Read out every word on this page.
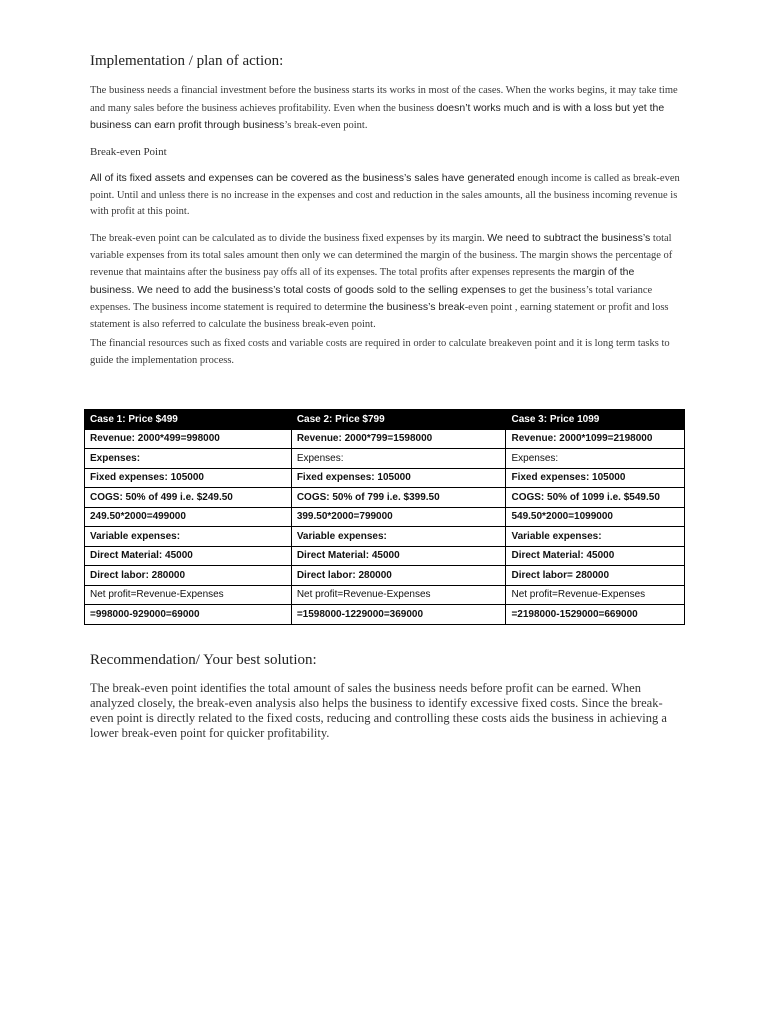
Implementation / plan of action:

The business needs a financial investment before the business starts its works in most of the cases. When the works begins, it may take time and many sales before the business achieves profitability. Even when the business doesn’t works much and is with a loss but yet the business can earn profit through business’s break-even point.

Break-even Point

All of its fixed assets and expenses can be covered as the business’s sales have generated enough income is called as break-even point. Until and unless there is no increase in the expenses and cost and reduction in the sales amounts, all the business incoming revenue is with profit at this point.

The break-even point can be calculated as to divide the business fixed expenses by its margin. We need to subtract the business’s total variable expenses from its total sales amount then only we can determined the margin of the business. The margin shows the percentage of revenue that maintains after the business pay offs all of its expenses. The total profits after expenses represents the margin of the business. We need to add the business’s total costs of goods sold to the selling expenses to get the business’s total variance expenses. The business income statement is required to determine the business’s break-even point , earning statement or profit and loss statement is also referred to calculate the business break-even point.

The financial resources such as fixed costs and variable costs are required in order to calculate breakeven point and it is long term tasks to guide the implementation process.

Case 1: Price $499	Case 2: Price $799	Case 3: Price 1099
Revenue: 2000*499=998000	Revenue: 2000*799=1598000	Revenue: 2000*1099=2198000
Expenses:	Expenses:	Expenses:
Fixed expenses: 105000	Fixed expenses: 105000	Fixed expenses: 105000
COGS: 50% of 499 i.e. $249.50	COGS: 50% of 799 i.e. $399.50	COGS: 50% of 1099 i.e. $549.50
249.50*2000=499000	399.50*2000=799000	549.50*2000=1099000
Variable expenses:	Variable expenses:	Variable expenses:
Direct Material: 45000	Direct Material: 45000	Direct Material: 45000
Direct labor: 280000	Direct labor: 280000	Direct labor= 280000
Net profit=Revenue-Expenses	Net profit=Revenue-Expenses	Net profit=Revenue-Expenses
=998000-929000=69000	=1598000-1229000=369000	=2198000-1529000=669000
Recommendation/ Your best solution:

The break-even point identifies the total amount of sales the business needs before profit can be earned. When analyzed closely, the break-even analysis also helps the business to identify excessive fixed costs. Since the break-even point is directly related to the fixed costs, reducing and controlling these costs aids the business in achieving a lower break-even point for quicker profitability.
